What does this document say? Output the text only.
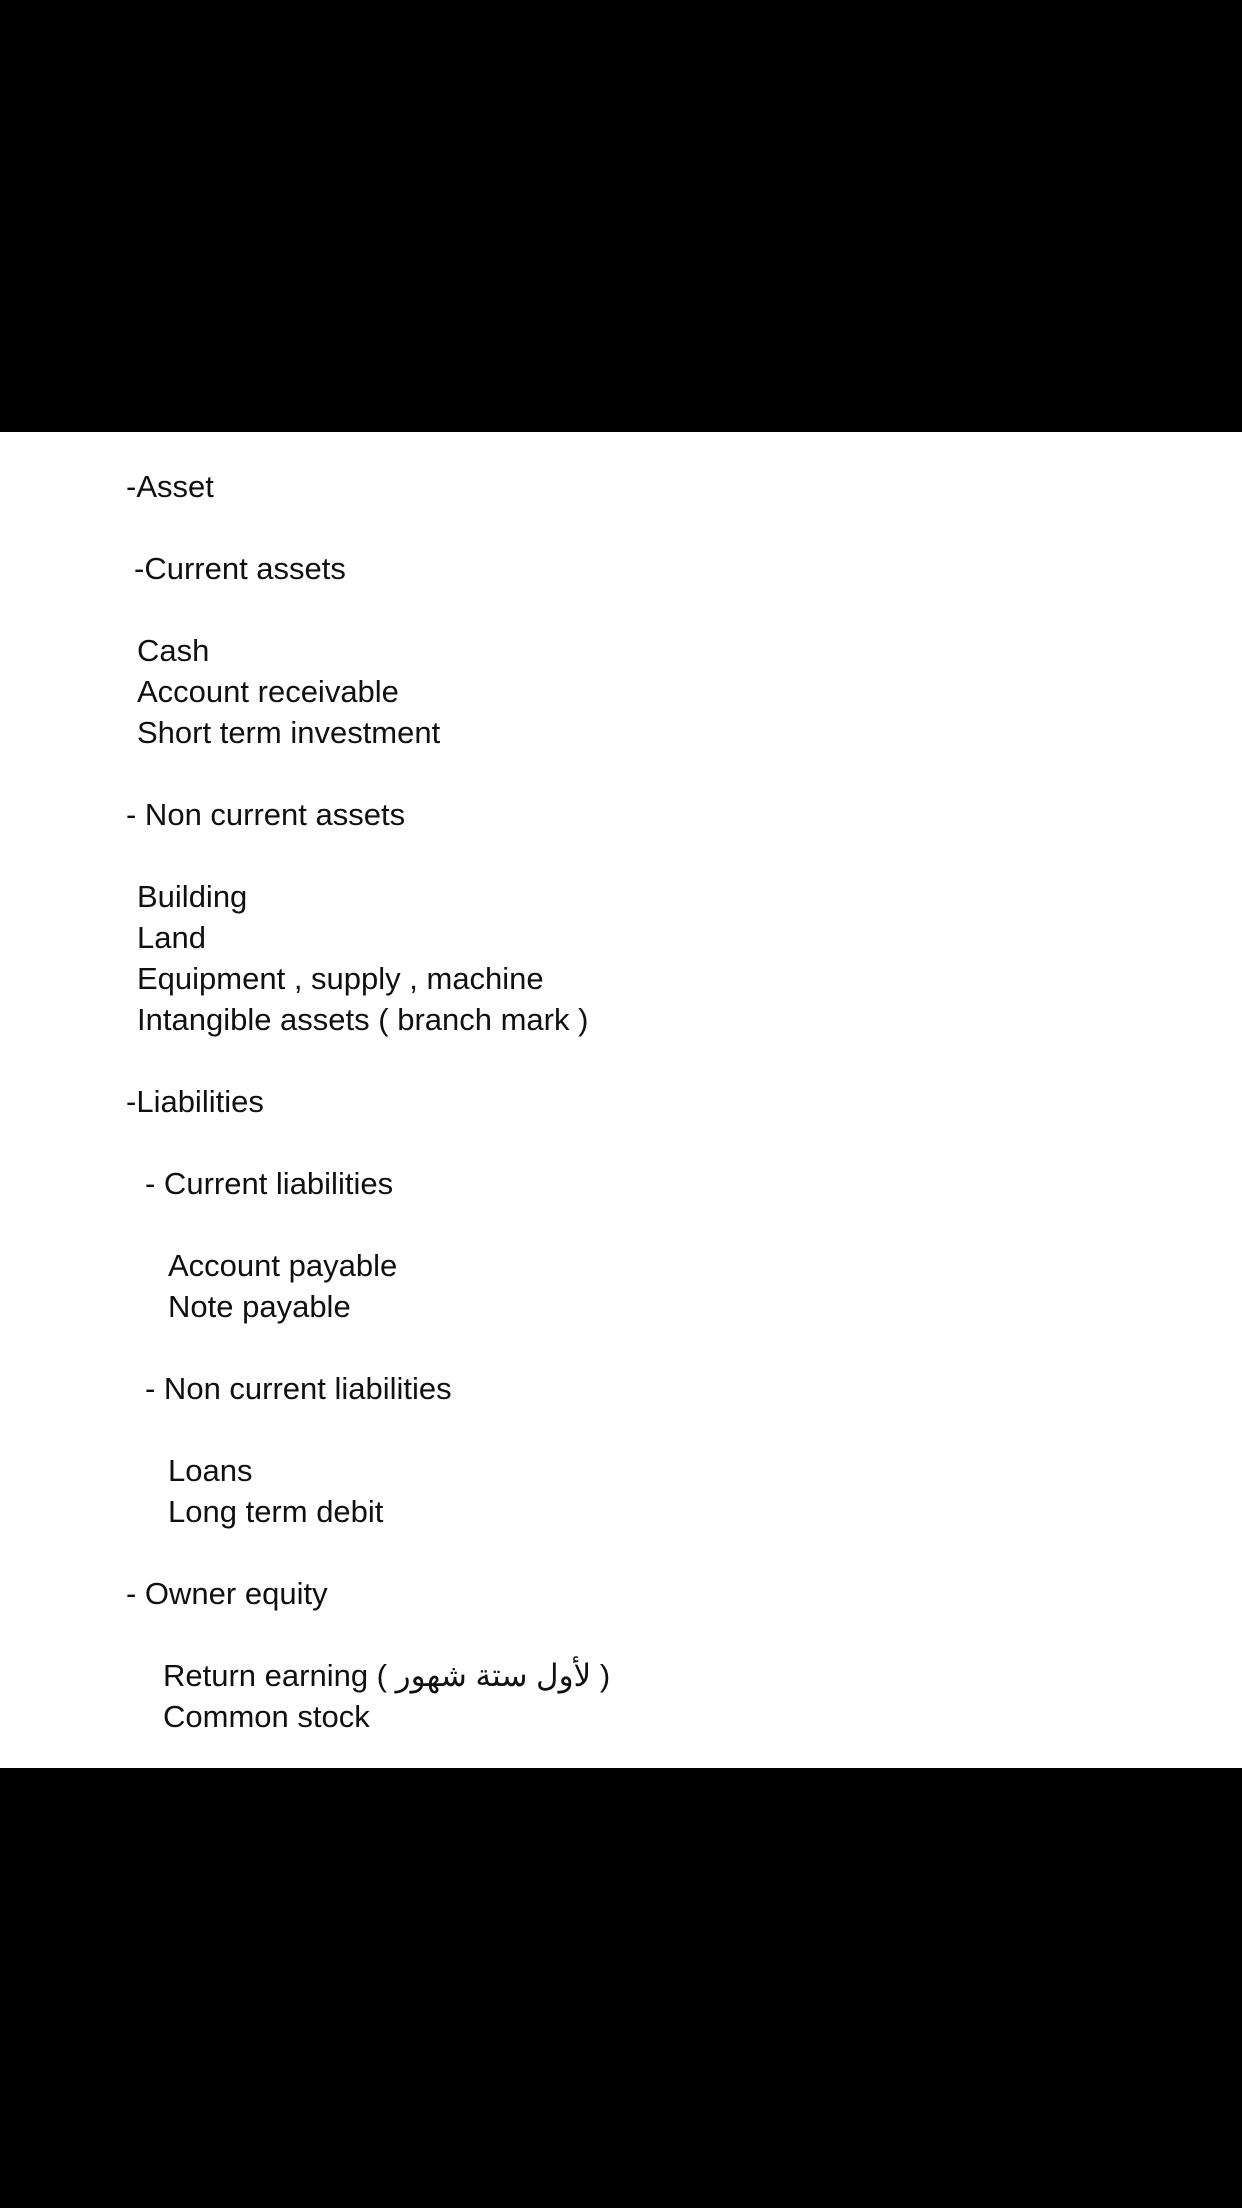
-Asset
-Current assets
Cash
Account receivable
Short term investment
- Non current assets
Building
Land
Equipment , supply , machine
Intangible assets ( branch mark )
-Liabilities
- Current liabilities
Account payable
Note payable
- Non current liabilities
Loans
Long term debit
- Owner equity
Return earning ( لأول ستة شهور )
Common stock
